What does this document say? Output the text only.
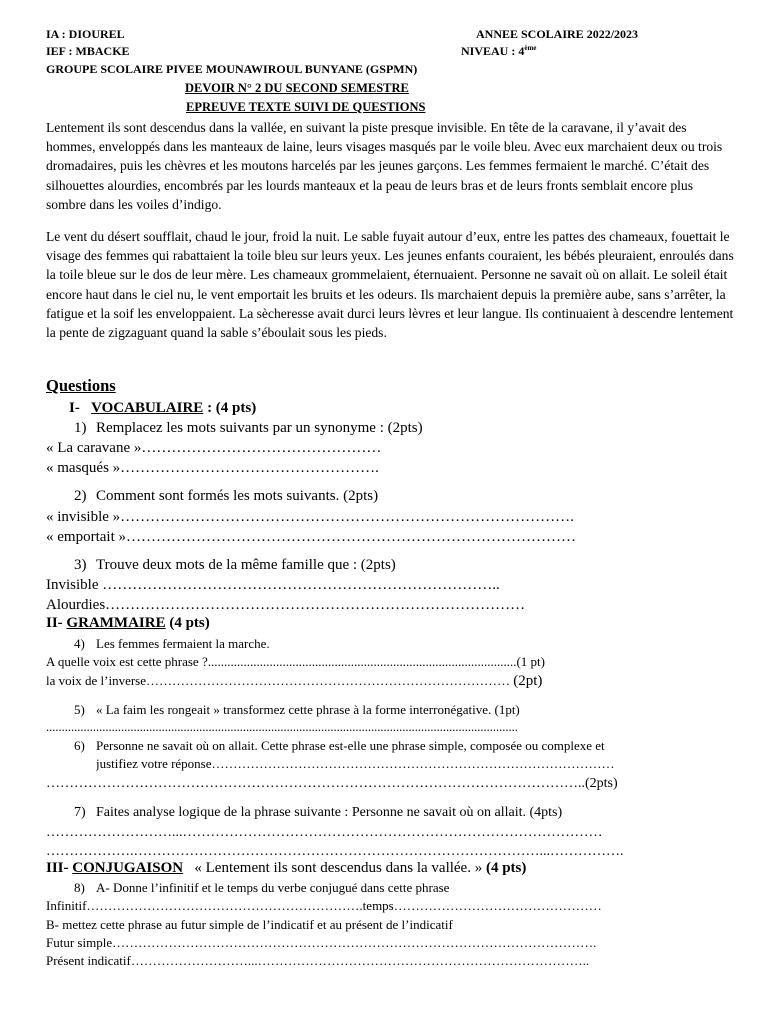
IA : DIOUREL	ANNEE SCOLAIRE 2022/2023
IEF : MBACKE	NIVEAU : 4ème
GROUPE SCOLAIRE PIVEE MOUNAWIROUL BUNYANE (GSPMN)
DEVOIR N° 2 DU SECOND SEMESTRE
EPREUVE TEXTE SUIVI DE QUESTIONS
Lentement ils sont descendus dans la vallée, en suivant la piste presque invisible. En tête de la caravane, il y’avait des hommes, enveloppés dans les manteaux de laine, leurs visages masqués par le voile bleu. Avec eux marchaient deux ou trois dromadaires, puis les chèvres et les moutons harcelés par les jeunes garçons. Les femmes fermaient le marché. C’était des silhouettes alourdies, encombrés par les lourds manteaux et la peau de leurs bras et de leurs fronts semblait encore plus sombre dans les voiles d’indigo.
Le vent du désert soufflait, chaud le jour, froid la nuit. Le sable fuyait autour d’eux, entre les pattes des chameaux, fouettait le visage des femmes qui rabattaient la toile bleu sur leurs yeux. Les jeunes enfants couraient, les bébés pleuraient, enroulés dans la toile bleue sur le dos de leur mère. Les chameaux grommelaient, éternuaient. Personne ne savait où on allait. Le soleil était encore haut dans le ciel nu, le vent emportait les bruits et les odeurs. Ils marchaient depuis la première aube, sans s’arrêter, la fatigue et la soif les enveloppaient. La sècheresse avait durci leurs lèvres et leur langue. Ils continuaient à descendre lentement la pente de zigzaguant quand la sable s’éboulait sous les pieds.
Questions
I- VOCABULAIRE : (4 pts)
1) Remplacez les mots suivants par un synonyme : (2pts)
« La caravane »…………………………………………
« masqués »…………………………………………….
2) Comment sont formés les mots suivants. (2pts)
« invisible »……………………………………………………………………………….
« emportait »………………………………………………………………………………
3) Trouve deux mots de la même famille que : (2pts)
Invisible ……………………………………………………………………..
Alourdies…………………………………………………………………………
II- GRAMMAIRE (4 pts)
4) Les femmes fermaient la marche.
A quelle voix est cette phrase ?...............................................................................................(1 pt)
la voix de l’inverse………………………………………………………………………… (2pt)
5) « La faim les rongeait » transformez cette phrase à la forme interronégative. (1pt)
.......................................................................................................................................................
6) Personne ne savait où on allait. Cette phrase est-elle une phrase simple, composée ou complexe et
justifiez votre réponse…………………………………………………………………………………
……………………………………………………………………………………………………..(2pts)
7) Faites analyse logique de la phrase suivante : Personne ne savait où on allait. (4pts)
………………………...………………………………………………………………………………
……………….……………………………………………………………………………...…………….
III- CONJUGAISON   « Lentement ils sont descendus dans la vallée. » (4 pts)
8) A- Donne l’infinitif et le temps du verbe conjugué dans cette phrase
Infinitif……………………………………………………….temps…………………………………………
B- mettez cette phrase au futur simple de l’indicatif et au présent de l’indicatif
Futur simple………………………………………………………………………………………………….
Présent indicatif………………………...…………………………………………………………………..
